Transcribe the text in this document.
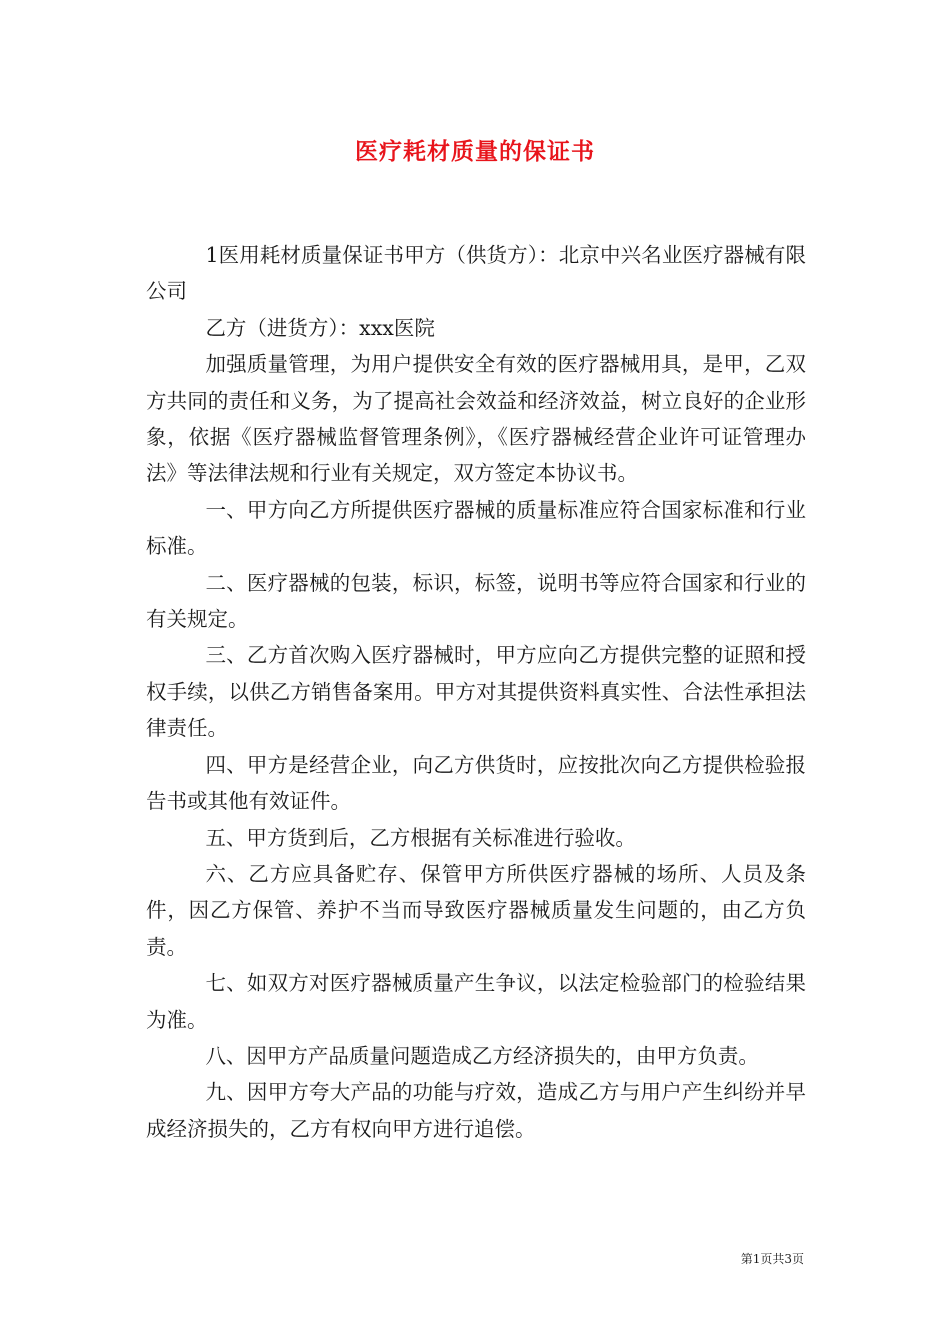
医疗耗材质量的保证书

1医用耗材质量保证书甲方（供货方）：北京中兴名业医疗器械有限公司

乙方（进货方）：xxx医院

加强质量管理，为用户提供安全有效的医疗器械用具，是甲，乙双方共同的责任和义务，为了提高社会效益和经济效益，树立良好的企业形象，依据《医疗器械监督管理条例》，《医疗器械经营企业许可证管理办法》等法律法规和行业有关规定，双方签定本协议书。

一、甲方向乙方所提供医疗器械的质量标准应符合国家标准和行业标准。

二、医疗器械的包装，标识，标签，说明书等应符合国家和行业的有关规定。

三、乙方首次购入医疗器械时，甲方应向乙方提供完整的证照和授权手续，以供乙方销售备案用。甲方对其提供资料真实性、合法性承担法律责任。

四、甲方是经营企业，向乙方供货时，应按批次向乙方提供检验报告书或其他有效证件。

五、甲方货到后，乙方根据有关标准进行验收。

六、乙方应具备贮存、保管甲方所供医疗器械的场所、人员及条件，因乙方保管、养护不当而导致医疗器械质量发生问题的，由乙方负责。

七、如双方对医疗器械质量产生争议，以法定检验部门的检验结果为准。

八、因甲方产品质量问题造成乙方经济损失的，由甲方负责。

九、因甲方夸大产品的功能与疗效，造成乙方与用户产生纠纷并早成经济损失的，乙方有权向甲方进行追偿。

第1页共3页
